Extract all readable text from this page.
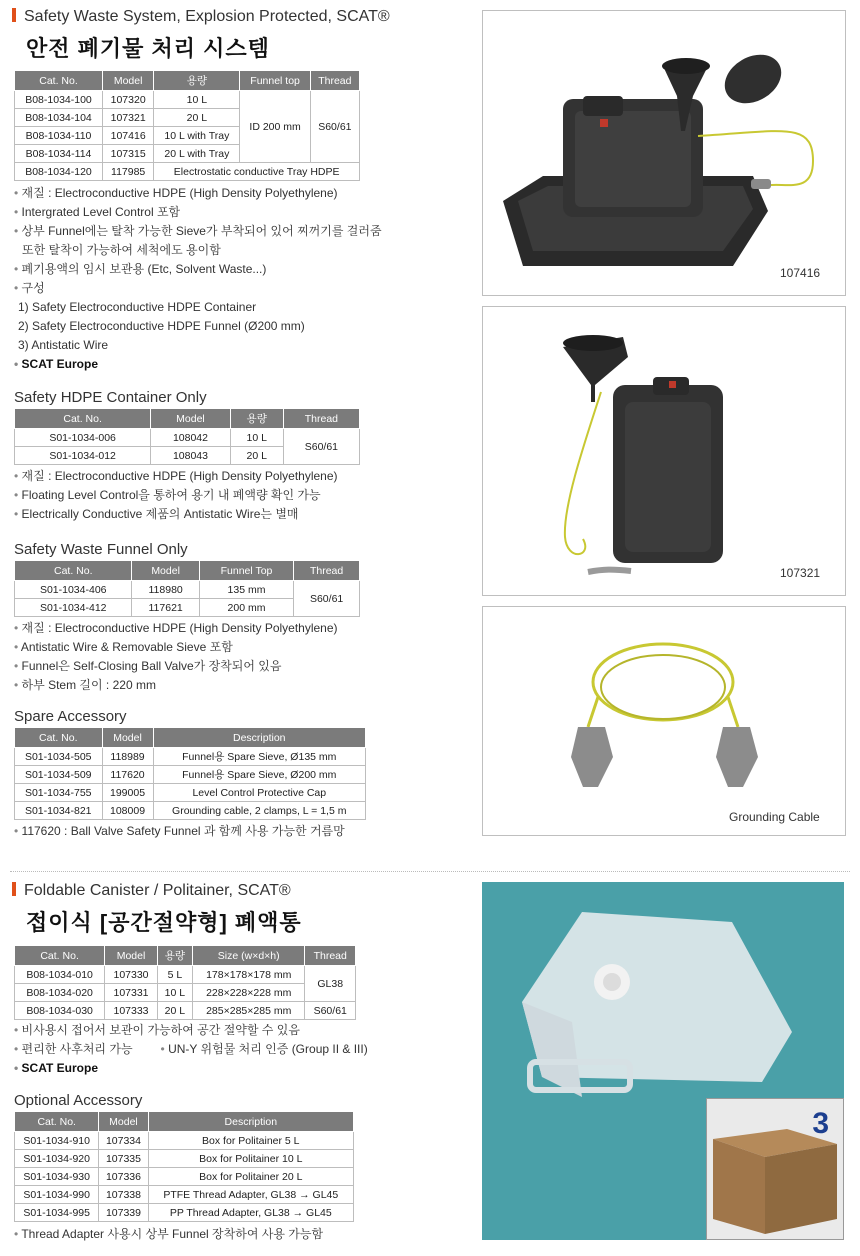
Safety Waste System, Explosion Protected, SCAT®
안전 폐기물 처리 시스템
Cat. No.	Model	용량	Funnel top	Thread
B08-1034-100	107320	10 L	ID 200 mm	S60/61
B08-1034-104	107321	20 L		
B08-1034-110	107416	10 L with Tray		
B08-1034-114	107315	20 L with Tray		
B08-1034-120	117985	Electrostatic conductive Tray HDPE		
• 재질 : Electroconductive HDPE (High Density Polyethylene)
• Intergrated Level Control 포함
• 상부 Funnel에는 탈착 가능한 Sieve가 부착되어 있어 찌꺼기를 걸러줌
또한 탈착이 가능하여 세척에도 용이함
• 폐기용액의 임시 보관용 (Etc, Solvent Waste...)
• 구성
1) Safety Electroconductive HDPE Container
2) Safety Electroconductive HDPE Funnel (Ø200 mm)
3) Antistatic Wire
• SCAT Europe
Safety HDPE Container Only
Cat. No.	Model	용량	Thread
S01-1034-006	108042	10 L	S60/61
S01-1034-012	108043	20 L	
• 재질 : Electroconductive HDPE (High Density Polyethylene)
• Floating Level Control을 통하여 용기 내 폐액량 확인 가능
• Electrically Conductive 제품의 Antistatic Wire는 별매
Safety Waste Funnel Only
Cat. No.	Model	Funnel Top	Thread
S01-1034-406	118980	135 mm	S60/61
S01-1034-412	117621	200 mm	
• 재질 : Electroconductive HDPE (High Density Polyethylene)
• Antistatic Wire & Removable Sieve 포함
• Funnel은 Self-Closing Ball Valve가 장착되어 있음
• 하부 Stem 길이 : 220 mm
Spare Accessory
Cat. No.	Model	Description
S01-1034-505	118989	Funnel용 Spare Sieve, Ø135 mm
S01-1034-509	117620	Funnel용 Spare Sieve, Ø200 mm
S01-1034-755	199005	Level Control Protective Cap
S01-1034-821	108009	Grounding cable, 2 clamps, L = 1,5 m
• 117620 : Ball Valve Safety Funnel 과 함께 사용 가능한 거름망
Foldable Canister / Politainer, SCAT®
접이식 [공간절약형] 폐액통
Cat. No.	Model	용량	Size (w×d×h)	Thread
B08-1034-010	107330	5 L	178×178×178 mm	GL38
B08-1034-020	107331	10 L	228×228×228 mm	
B08-1034-030	107333	20 L	285×285×285 mm	S60/61
• 비사용시 접어서 보관이 가능하여 공간 절약할 수 있음
• 편리한 사후처리 가능	• UN-Y 위험물 처리 인증 (Group II & III)
• SCAT Europe
Optional Accessory
Cat. No.	Model	Description
S01-1034-910	107334	Box for Politainer 5 L
S01-1034-920	107335	Box for Politainer 10 L
S01-1034-930	107336	Box for Politainer 20 L
S01-1034-990	107338	PTFE Thread Adapter, GL38 → GL45
S01-1034-995	107339	PP Thread Adapter, GL38 → GL45
• Thread Adapter 사용시 상부 Funnel 장착하여 사용 가능함
107416
107321
Grounding Cable
3
